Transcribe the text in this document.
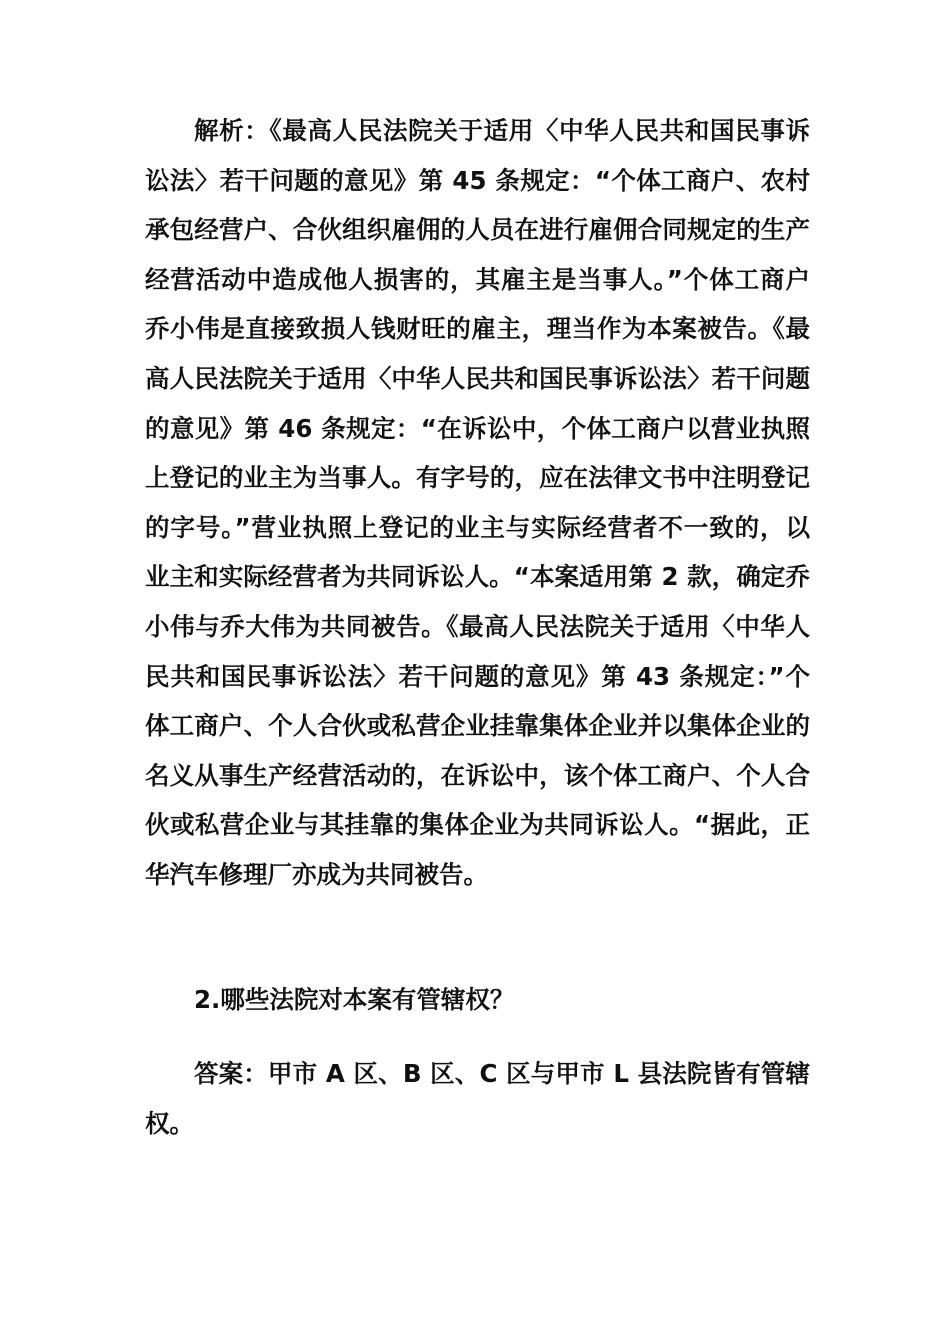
解析：《最高人民法院关于适用〈中华人民共和国民事诉讼法〉若干问题的意见》第 45 条规定：“个体工商户、农村承包经营户、合伙组织雇佣的人员在进行雇佣合同规定的生产经营活动中造成他人损害的，其雇主是当事人。”个体工商户乔小伟是直接致损人钱财旺的雇主，理当作为本案被告。《最高人民法院关于适用〈中华人民共和国民事诉讼法〉若干问题的意见》第 46 条规定：“在诉讼中，个体工商户以营业执照上登记的业主为当事人。有字号的，应在法律文书中注明登记的字号。”营业执照上登记的业主与实际经营者不一致的，以业主和实际经营者为共同诉讼人。“本案适用第 2 款，确定乔小伟与乔大伟为共同被告。《最高人民法院关于适用〈中华人民共和国民事诉讼法〉若干问题的意见》第 43 条规定：”个体工商户、个人合伙或私营企业挂靠集体企业并以集体企业的名义从事生产经营活动的，在诉讼中，该个体工商户、个人合伙或私营企业与其挂靠的集体企业为共同诉讼人。“据此，正华汽车修理厂亦成为共同被告。

2.哪些法院对本案有管辖权？

答案：甲市 A 区、B 区、C 区与甲市 L 县法院皆有管辖权。
